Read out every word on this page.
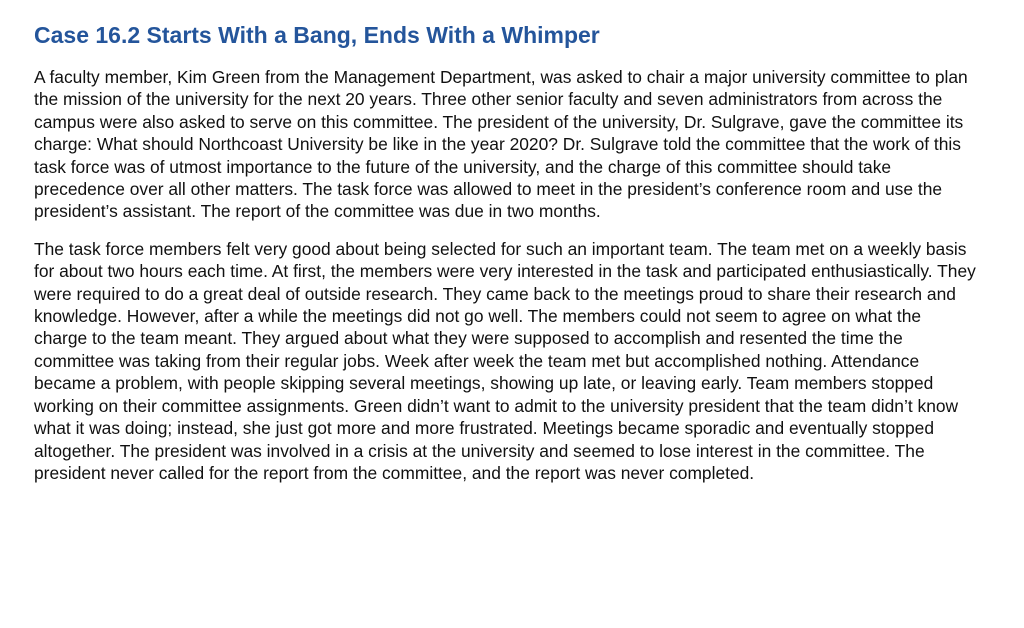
Case 16.2 Starts With a Bang, Ends With a Whimper

A faculty member, Kim Green from the Management Department, was asked to chair a major university committee to plan the mission of the university for the next 20 years. Three other senior faculty and seven administrators from across the campus were also asked to serve on this committee. The president of the university, Dr. Sulgrave, gave the committee its charge: What should Northcoast University be like in the year 2020? Dr. Sulgrave told the committee that the work of this task force was of utmost importance to the future of the university, and the charge of this committee should take precedence over all other matters. The task force was allowed to meet in the president’s conference room and use the president’s assistant. The report of the committee was due in two months.

The task force members felt very good about being selected for such an important team. The team met on a weekly basis for about two hours each time. At first, the members were very interested in the task and participated enthusiastically. They were required to do a great deal of outside research. They came back to the meetings proud to share their research and knowledge. However, after a while the meetings did not go well. The members could not seem to agree on what the charge to the team meant. They argued about what they were supposed to accomplish and resented the time the committee was taking from their regular jobs. Week after week the team met but accomplished nothing. Attendance became a problem, with people skipping several meetings, showing up late, or leaving early. Team members stopped working on their committee assignments. Green didn’t want to admit to the university president that the team didn’t know what it was doing; instead, she just got more and more frustrated. Meetings became sporadic and eventually stopped altogether. The president was involved in a crisis at the university and seemed to lose interest in the committee. The president never called for the report from the committee, and the report was never completed.
